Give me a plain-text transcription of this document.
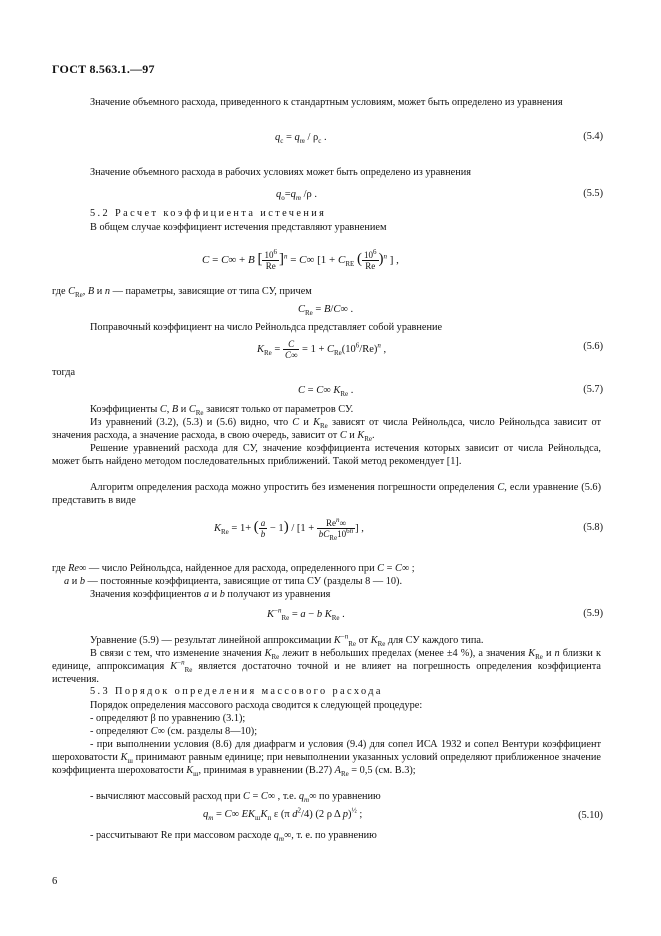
ГОСТ 8.563.1.—97
Значение объемного расхода, приведенного к стандартным условиям, может быть определено из уравнения
$q_с = q_m / \rho_с$ .	(5.4)
Значение объемного расхода в рабочих условиях может быть определено из уравнения
$q_о=q_m$ /ρ .	(5.5)
5.2 Расчет коэффициента истечения
В общем случае коэффициент истечения представляют уравнением
C = C∞ + B [ $\frac{10^6}{Re} ]^n = C\infty$ [$1 + C_{RE}$ ( $\frac{10^6}{Re} )^n$ ] ,
где $C_{Re}$, B и n — параметры, зависящие от типа СУ, причем
$C_{Re} = B/C\infty$ .
Поправочный коэффициент на число Рейнольдса представляет собой уравнение
$K_{Re} = \frac{C}{C\infty} = 1 + C_{Re}(10^6/Re)^n$ ,	(5.6)
тогда
C = C∞ $K_{Re}$ .	(5.7)
Коэффициенты C, B и $C_{Re}$ зависят только от параметров СУ.
Из уравнений (3.2), (5.3) и (5.6) видно, что C и $K_{Re}$ зависят от числа Рейнольдса, число Рейнольдса зависит от значения расхода, а значение расхода, в свою очередь, зависит от C и $K_{Re}$.
Решение уравнений расхода для СУ, значение коэффициента истечения которых зависит от числа Рейнольдса, может быть найдено методом последовательных приближений. Такой метод рекомендует [1].
Алгоритм определения расхода можно упростить без изменения погрешности определения C, если уравнение (5.6) представить в виде
$K_{Re} = 1+$ ( $\frac{a}{b} - 1) / [1 + \frac{Re^n\infty}{bC_{Re}10^{6n}}$ ] ,	(5.8)
где Re∞ — число Рейнольдса, найденное для расхода, определенного при C = C∞ ;
a и b — постоянные коэффициента, зависящие от типа СУ (разделы 8 — 10).
Значения коэффициентов a и b получают из уравнения
$K^{-n}_{Re} = a - b$ $K_{Re}$ .	(5.9)
Уравнение (5.9) — результат линейной аппроксимации $K^{-n}_{Re}$ от $K_{Re}$ для СУ каждого типа.
В связи с тем, что изменение значения $K_{Re}$ лежит в небольших пределах (менее ±4 %), а значения $K_{Re}$ и n близки к единице, аппроксимация $K^{-n}_{Re}$ является достаточно точной и не влияет на погрешность определения коэффициента истечения.
5.3 Порядок определения массового расхода
Порядок определения массового расхода сводится к следующей процедуре:
- определяют β по уравнению (3.1);
- определяют C∞ (см. разделы 8—10);
- при выполнении условия (8.6) для диафрагм и условия (9.4) для сопел ИСА 1932 и сопел Вентури коэффициент шероховатости $K_ш$ принимают равным единице; при невыполнении указанных условий определяют приближенное значение коэффициента шероховатости $K_ш$, принимая в уравнении (В.27) $A_{Re} = 0,5$ (см. В.3);
- вычисляют массовый расход при C = C∞ , т.е. $q_m\infty$ по уравнению
$q_m = C\infty$ $EK_шK_п$ ε (π $d^2/4$) (2 ρ Δ p)$^{\frac{1}{2}}$ ;	(5.10)
- рассчитывают Re при массовом расходе $q_m\infty$, т. е. по уравнению
6
